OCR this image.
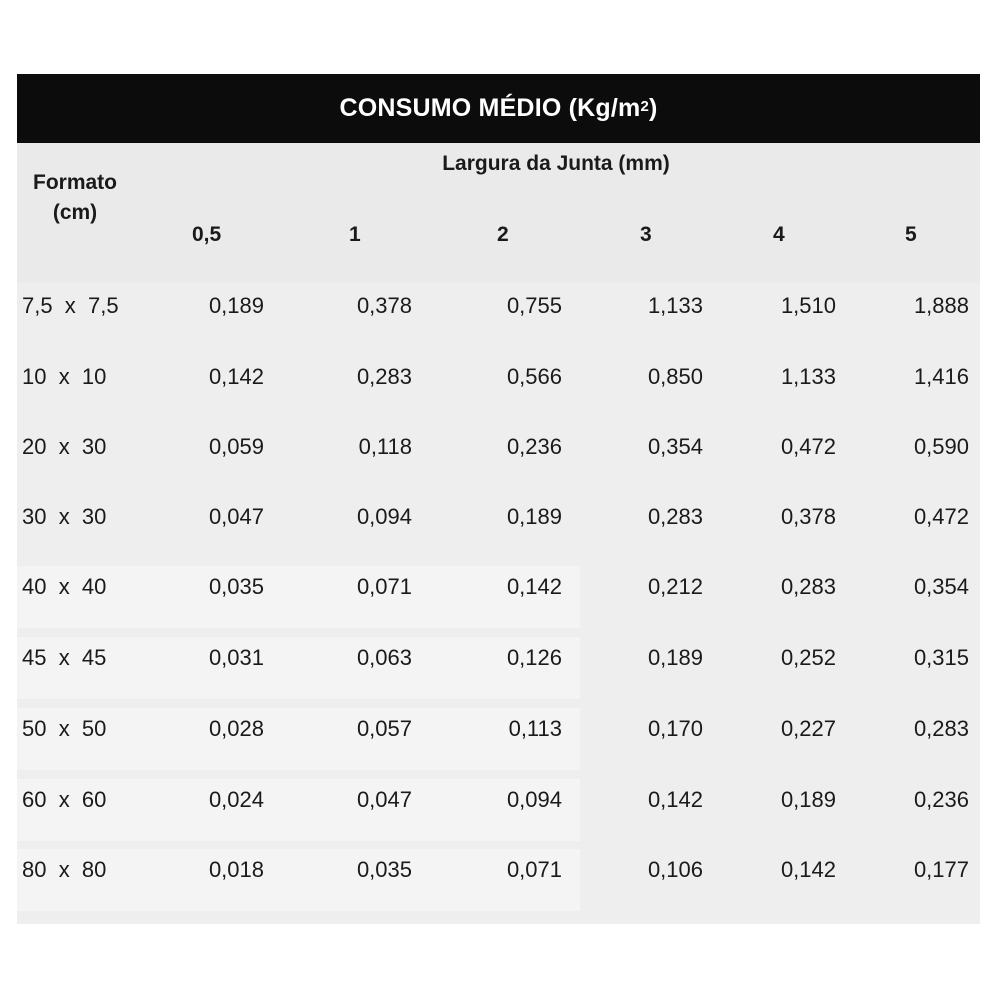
CONSUMO MÉDIO ($Kg/m^2$ )
Formato
(cm)
Largura da Junta (mm)
0,5	1	2	3	4	5
7,5  x  7,5	0,189	0,378	0,755	1,133	1,510	1,888
10  x  10	0,142	0,283	0,566	0,850	1,133	1,416
20  x  30	0,059	0,118	0,236	0,354	0,472	0,590
30  x  30	0,047	0,094	0,189	0,283	0,378	0,472
40  x  40	0,035	0,071	0,142	0,212	0,283	0,354
45  x  45	0,031	0,063	0,126	0,189	0,252	0,315
50  x  50	0,028	0,057	0,113	0,170	0,227	0,283
60  x  60	0,024	0,047	0,094	0,142	0,189	0,236
80  x  80	0,018	0,035	0,071	0,106	0,142	0,177
